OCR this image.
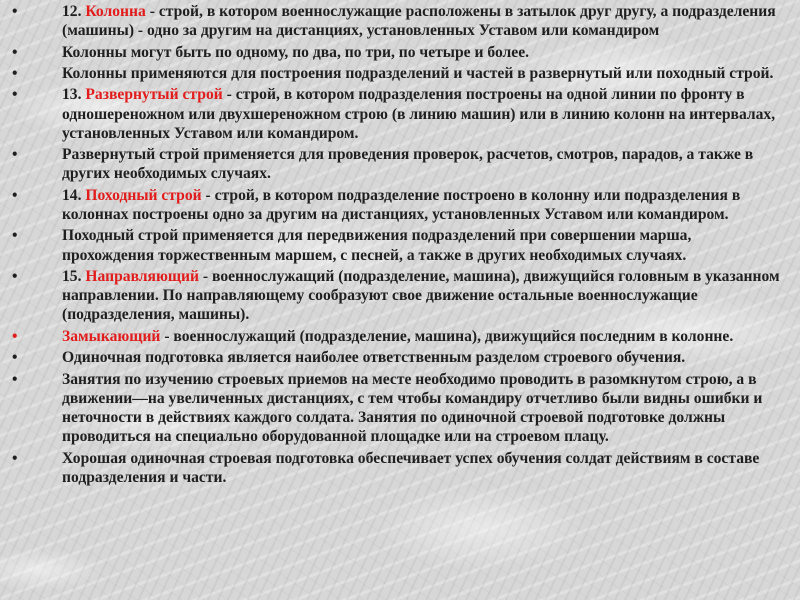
•	12. Колонна - строй, в котором военнослужащие расположены в затылок друг другу, а подразделения (машины) - одно за другим на дистанциях, установленных Уставом или командиром
•	Колонны могут быть по одному, по два, по три, по четыре и более.
•	Колонны применяются для построения подразделений и частей в развернутый или походный строй.
•	13. Развернутый строй - строй, в котором подразделения построены на одной линии по фронту в одношереножном или двухшереножном строю (в линию машин) или в линию колонн на интервалах, установленных Уставом или командиром.
•	Развернутый строй применяется для проведения проверок, расчетов, смотров, парадов, а также в других необходимых случаях.
•	14. Походный строй - строй, в котором подразделение построено в колонну или подразделения в колоннах построены одно за другим на дистанциях, установленных Уставом или командиром.
•	Походный строй применяется для передвижения подразделений при совершении марша, прохождения торжественным маршем, с песней, а также в других необходимых случаях.
•	15. Направляющий - военнослужащий (подразделение, машина), движущийся головным в указанном направлении. По направляющему сообразуют свое движение остальные военнослужащие (подразделения, машины).
•	Замыкающий - военнослужащий (подразделение, машина), движущийся последним в колонне.
•	Одиночная подготовка является наиболее ответственным разделом строевого обучения.
•	Занятия по изучению строевых приемов на месте необходимо проводить в разомкнутом строю, а в движении—на увеличенных дистанциях, с тем чтобы командиру отчетливо были видны ошибки и неточности в действиях каждого солдата. Занятия по одиночной строевой подготовке должны проводиться на специально оборудованной площадке или на строевом плацу.
•	Хорошая одиночная строевая подготовка обеспечивает успех обучения солдат действиям в составе подразделения и части.
